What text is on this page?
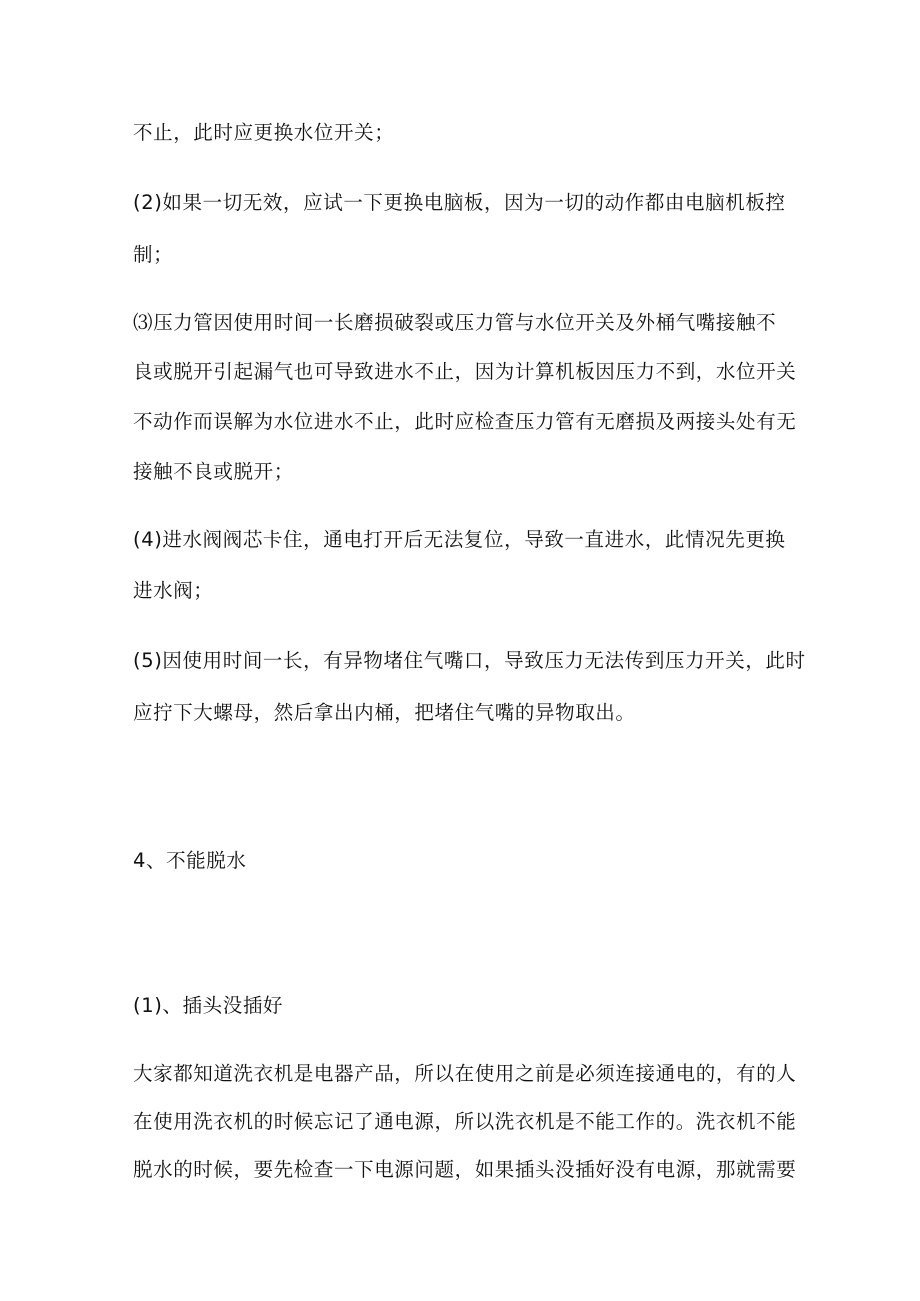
不止，此时应更换水位开关；
(2)如果一切无效，应试一下更换电脑板，因为一切的动作都由电脑机板控
制；
⑶压力管因使用时间一长磨损破裂或压力管与水位开关及外桶气嘴接触不
良或脱开引起漏气也可导致进水不止，因为计算机板因压力不到，水位开关
不动作而误解为水位进水不止，此时应检查压力管有无磨损及两接头处有无
接触不良或脱开；
(4)进水阀阀芯卡住，通电打开后无法复位，导致一直进水，此情况先更换
进水阀；
(5)因使用时间一长，有异物堵住气嘴口，导致压力无法传到压力开关，此时
应拧下大螺母，然后拿出内桶，把堵住气嘴的异物取出。
4、不能脱水
(1)、插头没插好
大家都知道洗衣机是电器产品，所以在使用之前是必须连接通电的，有的人
在使用洗衣机的时候忘记了通电源，所以洗衣机是不能工作的。洗衣机不能
脱水的时候，要先检查一下电源问题，如果插头没插好没有电源，那就需要
